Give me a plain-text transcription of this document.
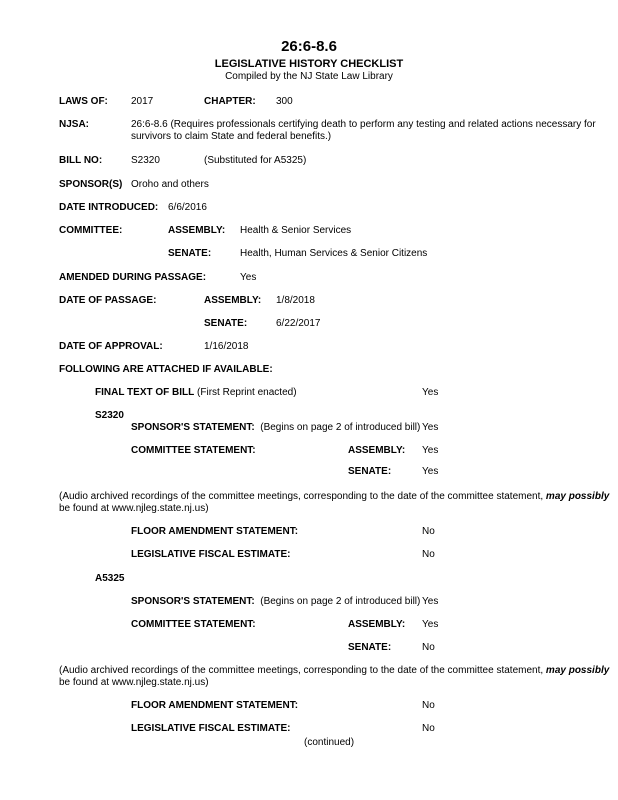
26:6-8.6
LEGISLATIVE HISTORY CHECKLIST
Compiled by the NJ State Law Library
LAWS OF: 2017	CHAPTER: 300
NJSA:	26:6-8.6 (Requires professionals certifying death to perform any testing and related actions necessary for
survivors to claim State and federal benefits.)
BILL NO:	S2320	(Substituted for A5325)
SPONSOR(S) Oroho and others
DATE INTRODUCED: 6/6/2016
COMMITTEE:	ASSEMBLY: Health & Senior Services
SENATE:	Health, Human Services & Senior Citizens
AMENDED DURING PASSAGE:	Yes
DATE OF PASSAGE:	ASSEMBLY: 1/8/2018
SENATE:	6/22/2017
DATE OF APPROVAL:	1/16/2018
FOLLOWING ARE ATTACHED IF AVAILABLE:
FINAL TEXT OF BILL (First Reprint enacted)	Yes
S2320
SPONSOR'S STATEMENT: (Begins on page 2 of introduced bill) Yes
COMMITTEE STATEMENT:	ASSEMBLY: Yes
SENATE:	Yes
(Audio archived recordings of the committee meetings, corresponding to the date of the committee statement, may possibly
be found at www.njleg.state.nj.us)
FLOOR AMENDMENT STATEMENT:	No
LEGISLATIVE FISCAL ESTIMATE:	No
A5325
SPONSOR'S STATEMENT: (Begins on page 2 of introduced bill) Yes
COMMITTEE STATEMENT:	ASSEMBLY: Yes
SENATE:	No
(Audio archived recordings of the committee meetings, corresponding to the date of the committee statement, may possibly
be found at www.njleg.state.nj.us)
FLOOR AMENDMENT STATEMENT:	No
LEGISLATIVE FISCAL ESTIMATE:	No
(continued)
